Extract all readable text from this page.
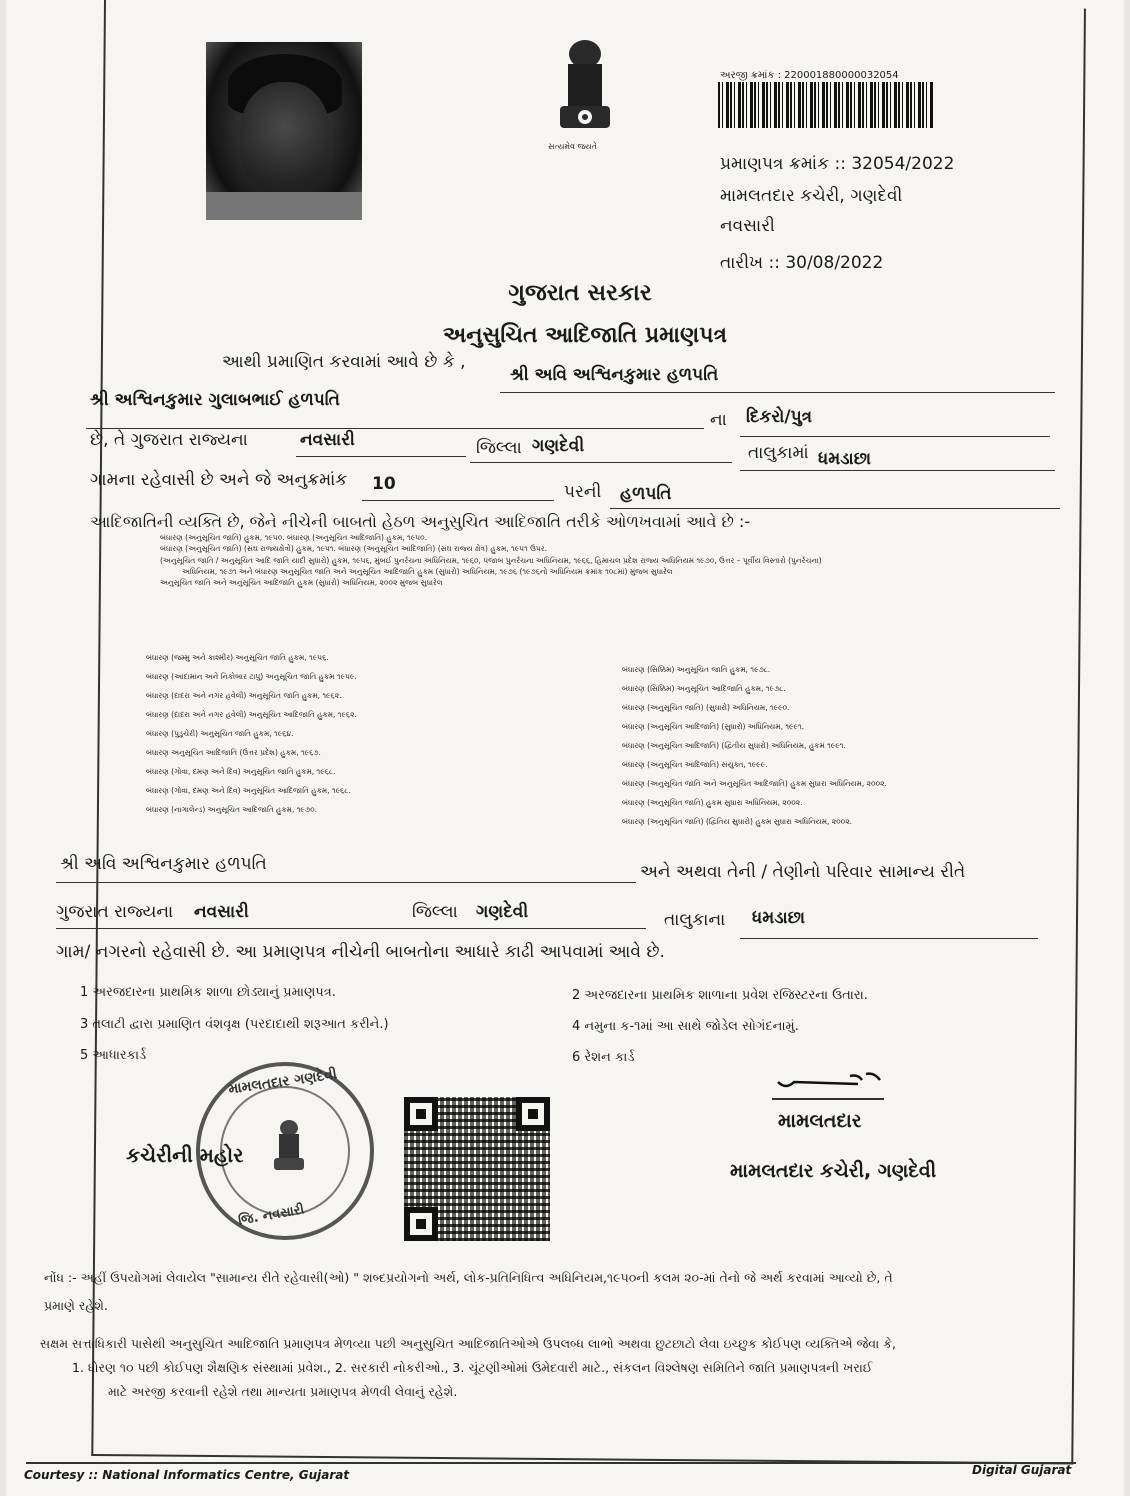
સત્યમેવ જયતે
અરજી ક્રમાંક : 220001880000032054
પ્રમાણપત્ર ક્રમાંક :: 32054/2022
મામલતદાર કચેરી, ગણદેવી
નવસારી
તારીખ :: 30/08/2022
ગુજરાત સરકાર
અનુસુચિત આદિજાતિ પ્રમાણપત્ર
આથી પ્રમાણિત કરવામાં આવે છે કે ,
શ્રી અવિ અશ્વિનકુમાર હળપતિ
શ્રી અશ્વિનકુમાર ગુલાબભાઈ હળપતિ
ના દિકરો/પુત્ર
છે, તે ગુજરાત રાજ્યના	નવસારી	જિલ્લા ગણદેવી	તાલુકામાં ધમડાછા
ગામના રહેવાસી છે અને જે અનુક્રમાંક 10	પરની હળપતિ
આદિજાતિની વ્યક્તિ છે, જેને નીચેની બાબતો હેઠળ અનુસુચિત આદિજાતિ તરીકે ઓળખવામાં આવે છે :-
બંધારણ (અનુસૂચિત જાતિ) હુકમ, ૧૯૫૦. બંધારણ (અનુસૂચિત આદિજાતિ) હુકમ, ૧૯૫૦.
બંધારણ (અનુસૂચિત જાતિ) (સંઘ રાજ્યક્ષેત્રો) હુકમ, ૧૯૫૧. બંધારણ (અનુસૂચિત આદિજાતિ) (સંઘ રાજ્ય ક્ષેત્ર) હુકમ, ૧૯૫૧ ઉપર.
(અનુસૂચિત જાતિ / અનુસૂચિત આદિ જાતિ યાદી સુધારો) હુકમ, ૧૯૫૬, મુંબઈ પુનર્રચના અધિનિયમ, ૧૯૬૦, પંજાબ પુનર્રચના અધિનિયમ, ૧૯૬૬, હિમાચલ પ્રદેશ રાજ્ય અધિનિયમ ૧૯૭૦, ઉત્તર – પૂર્વીય વિસ્તારો (પુનર્રચના)
અધિનિયમ, ૧૯૭૧ અને બંધારણ અનુસૂચિત જાતિ અને અનુસૂચિત આદિજાતિ હુકમ (સુધારો) અધિનિયમ, ૧૯૭૬ (૧૯૭૬નો અધિનિયમ ક્રમાંક ૧૦૮માં) મુજબ સુધારેલ
અનુસૂચિત જાતિ અને અનુસૂચિત આદિજાતિ હુકમ (સુધારો) અધિનિયમ, ૨૦૦૨ મુજબ સુધારેલ
બંધારણ (જમ્મુ અને કાશ્મીર) અનુસૂચિત જાતિ હુકમ, ૧૯૫૬.
બંધારણ (આંદામાન અને નિકોબાર ટાપુ) અનુસૂચિત જાતિ હુકમ ૧૯૫૯.
બંધારણ (દાદરા અને નગર હવેલી) અનુસૂચિત જાતિ હુકમ, ૧૯૬૨.
બંધારણ (દાદરા અને નગર હવેલી) અનુસૂચિત આદિજાતિ હુકમ, ૧૯૬૨.
બંધારણ (પુડુચેરી) અનુસૂચિત જાતિ હુકમ, ૧૯૬૪.
બંધારણ અનુસૂચિત આદિજાતિ (ઉત્તર પ્રદેશ) હુકમ, ૧૯૬૭.
બંધારણ (ગોવા, દમણ અને દિવ) અનુસૂચિત જાતિ હુકમ, ૧૯૬૮.
બંધારણ (ગોવા, દમણ અને દિવ) અનુસૂચિત આદિજાતિ હુકમ, ૧૯૬૮.
બંધારણ (નાગાલેન્ડ) અનુસૂચિત આદિજાતિ હુકમ, ૧૯૭૦.
બંધારણ (સિક્કિમ) અનુસૂચિત જાતિ હુકમ, ૧૯૭૮.
બંધારણ (સિક્કિમ) અનુસૂચિત આદિજાતિ હુકમ, ૧૯૭૮.
બંધારણ (અનુસૂચિત જાતિ) (સુધારો) અધિનિયમ, ૧૯૯૦.
બંધારણ (અનુસૂચિત આદિજાતિ) (સુધારો) અધિનિયમ, ૧૯૯૧.
બંધારણ (અનુસૂચિત આદિજાતિ) (દ્વિતીય સુધારો) અધિનિયમ, હુકમ ૧૯૯૧.
બંધારણ (અનુસૂચિત આદિજાતિ) સંયુક્ત, ૧૯૯૯.
બંધારણ (અનુસૂચિત જાતિ અને અનુસૂચિત આદિજાતિ) હુકમ સુધારા અધિનિયમ, ૨૦૦૨.
બંધારણ (અનુસૂચિત જાતિ) હુકમ સુધારા અધિનિયમ, ૨૦૦૨.
બંધારણ (અનુસૂચિત જાતિ) (દ્વિતિય સુધારો) હુકમ સુધારા અધિનિયમ, ૨૦૦૨.
શ્રી અવિ અશ્વિનકુમાર હળપતિ	અને અથવા તેની / તેણીનો પરિવાર સામાન્ય રીતે
ગુજરાત રાજ્યના નવસારી	જિલ્લા ગણદેવી	તાલુકાના ધમડાછા
ગામ/ નગરનો રહેવાસી છે. આ પ્રમાણપત્ર નીચેની બાબતોના આધારે કાઢી આપવામાં આવે છે.
1 અરજદારના પ્રાથમિક શાળા છોડ્યાનું પ્રમાણપત્ર.	2 અરજદારના પ્રાથમિક શાળાના પ્રવેશ રજિસ્ટરના ઉતારા.
3 તલાટી દ્વારા પ્રમાણિત વંશવૃક્ષ (પરદાદાથી શરૂઆત કરીને.)	4 નમુના ક-૧માં આ સાથે જોડેલ સોગંદનામું.
5 આધારકાર્ડ	6 રેશન કાર્ડ
મામલતદાર ગણદેવી
જિ. નવસારી
કચેરીની મહોર
મામલતદાર
મામલતદાર કચેરી, ગણદેવી
નોંધ :- અહીં ઉપયોગમાં લેવાયેલ "સામાન્ય રીતે રહેવાસી(ઓ) " શબ્દપ્રયોગનો અર્થ, લોક-પ્રતિનિધિત્વ અધિનિયમ,૧૯૫૦ની કલમ ૨૦-માં તેનો જે અર્થ કરવામાં આવ્યો છે, તે
પ્રમાણે રહેશે.
સક્ષમ સત્તાધિકારી પાસેથી અનુસુચિત આદિજાતિ પ્રમાણપત્ર મેળવ્યા પછી અનુસુચિત આદિજાતિઓએ ઉપલબ્ધ લાભો અથવા છુટછાટો લેવા ઇચ્છુક કોઈપણ વ્યક્તિએ જેવા કે,
1. ધોરણ ૧૦ પછી કોઈપણ શૈક્ષણિક સંસ્થામાં પ્રવેશ., 2. સરકારી નોકરીઓ., 3. ચૂંટણીઓમાં ઉમેદવારી માટે., સંકલન વિશ્લેષણ સમિતિને જાતિ પ્રમાણપત્રની ખરાઈ
માટે અરજી કરવાની રહેશે તથા માન્યતા પ્રમાણપત્ર મેળવી લેવાનું રહેશે.
Courtesy :: National Informatics Centre, Gujarat	Digital Gujarat
